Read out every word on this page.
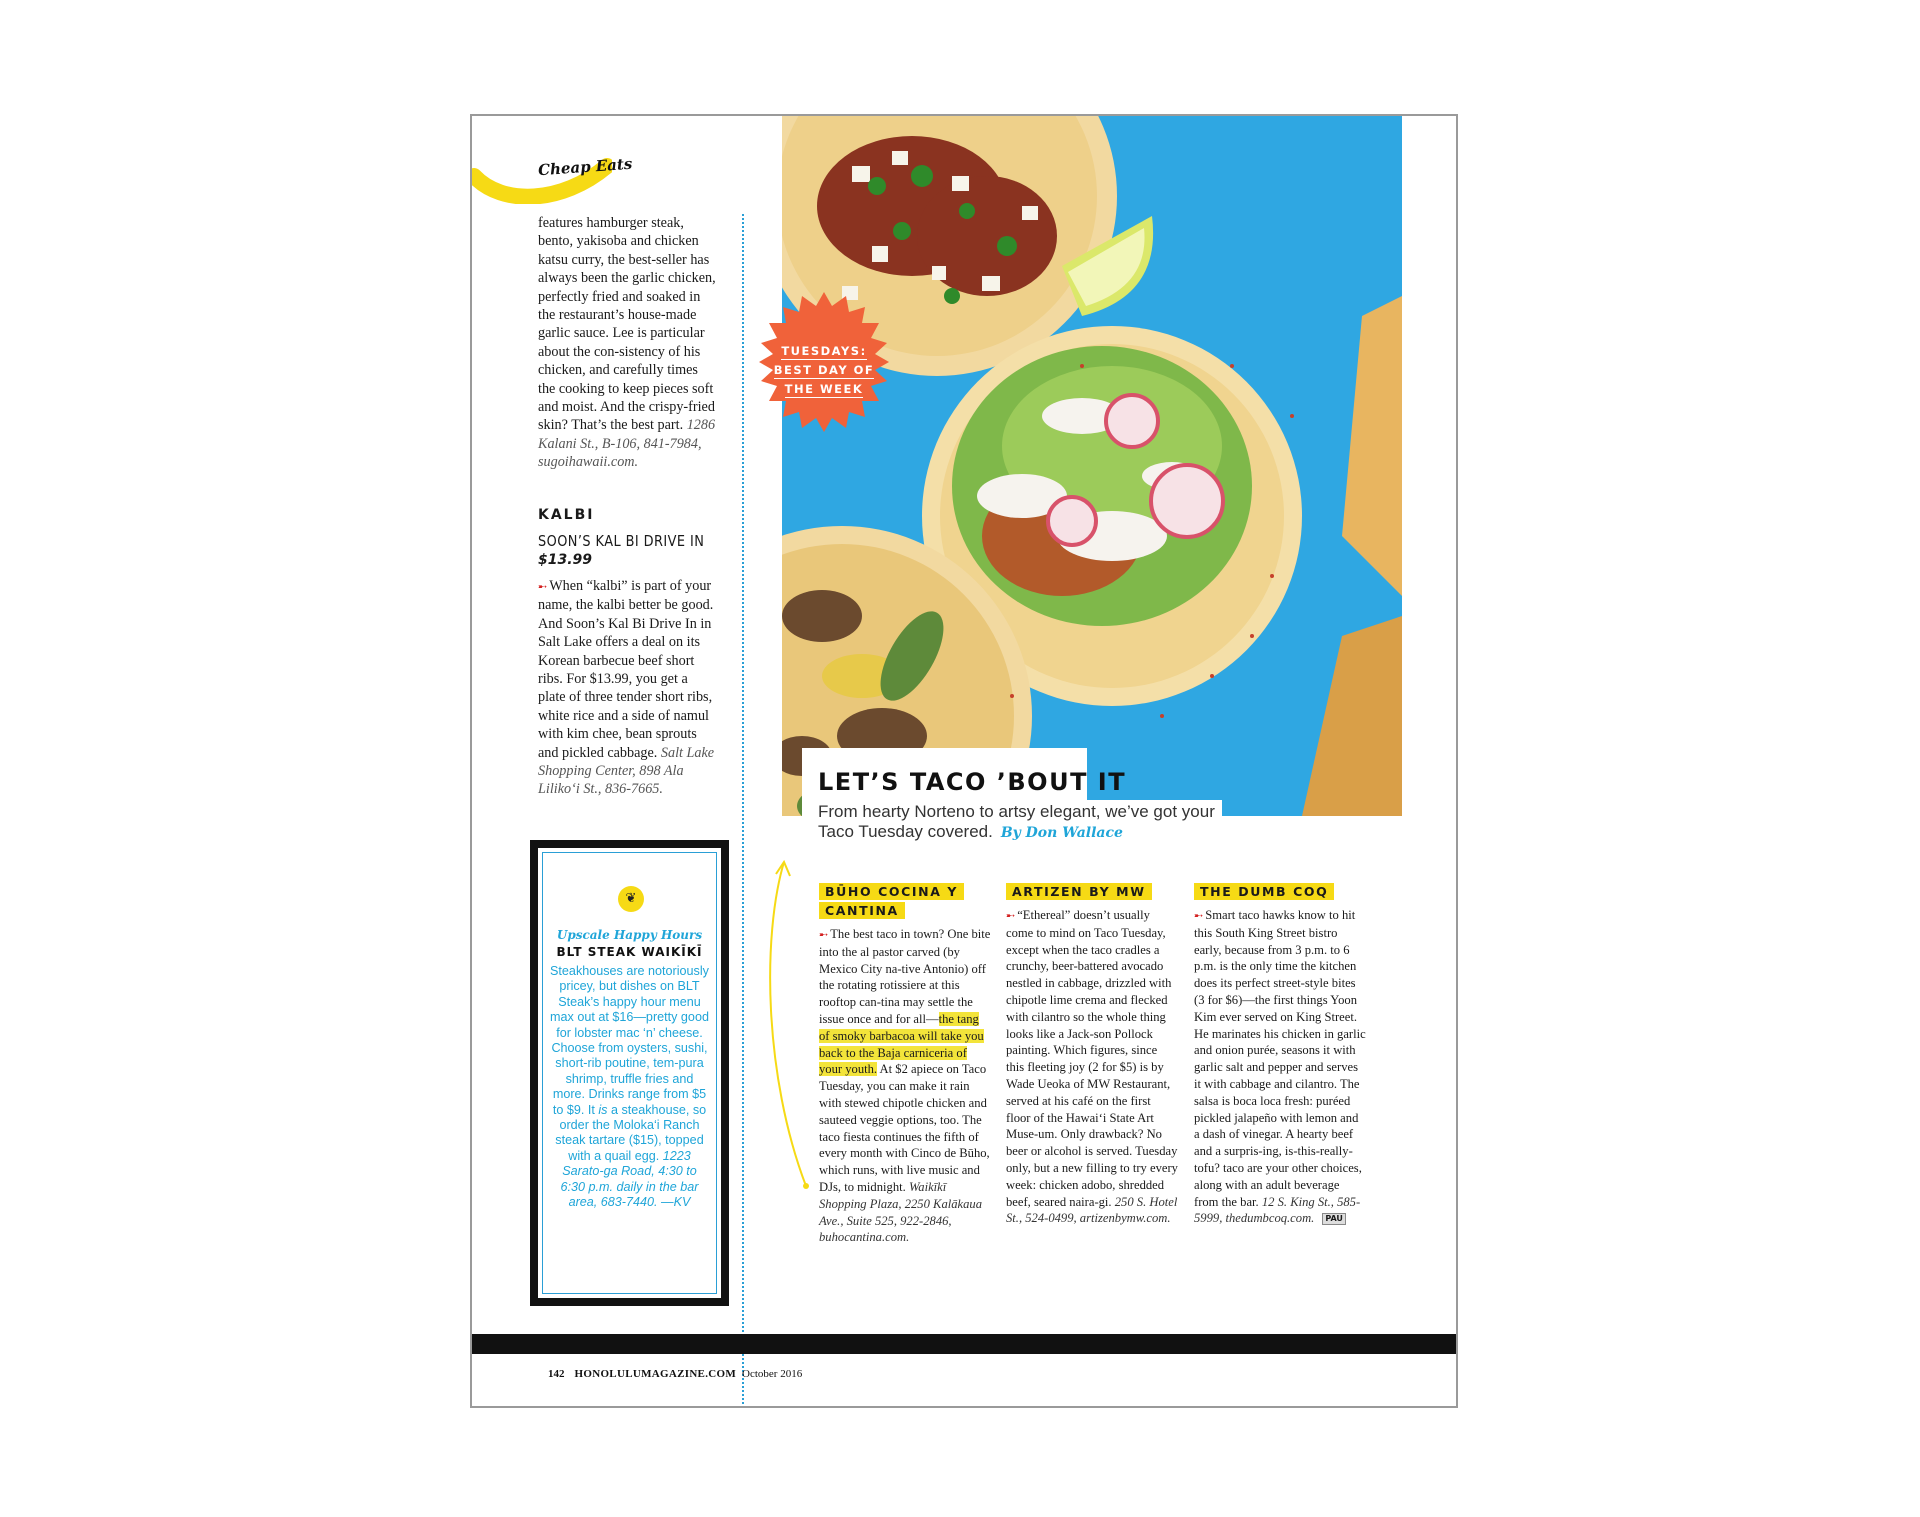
Cheap Eats
features hamburger steak, bento, yakisoba and chicken katsu curry, the best-seller has always been the garlic chicken, perfectly fried and soaked in the restaurant’s house-made garlic sauce. Lee is particular about the con-sistency of his chicken, and carefully times the cooking to keep pieces soft and moist. And the crispy-fried skin? That’s the best part. 1286 Kalani St., B-106, 841-7984, sugoihawaii.com.
KALBI
SOON’S KAL BI DRIVE IN
$13.99
➸ When “kalbi” is part of your name, the kalbi better be good. And Soon’s Kal Bi Drive In in Salt Lake offers a deal on its Korean barbecue beef short ribs. For $13.99, you get a plate of three tender short ribs, white rice and a side of namul with kim chee, bean sprouts and pickled cabbage. Salt Lake Shopping Center, 898 Ala Liliko‘i St., 836-7665.
❦
Upscale Happy Hours
BLT STEAK WAIKĪKĪ
Steakhouses are notoriously pricey, but dishes on BLT Steak’s happy hour menu max out at $16—pretty good for lobster mac ‘n’ cheese. Choose from oysters, sushi, short-rib poutine, tem-pura shrimp, truffle fries and more. Drinks range from $5 to $9. It is a steakhouse, so order the Moloka‘i Ranch steak tartare ($15), topped with a quail egg. 1223 Sarato-ga Road, 4:30 to 6:30 p.m. daily in the bar area, 683-7440. —KV
TUESDAYS:
BEST DAY OF
THE WEEK
LET’S TACO ’BOUT IT
From hearty Norteno to artsy elegant, we’ve got your Taco Tuesday covered. By Don Wallace
BŪHO COCINA Y CANTINA

➸ The best taco in town? One bite into the al pastor carved (by Mexico City na-tive Antonio) off the rotating rotissiere at this rooftop can-tina may settle the issue once and for all—the tang of smoky barbacoa will take you back to the Baja carniceria of your youth. At $2 apiece on Taco Tuesday, you can make it rain with stewed chipotle chicken and sauteed veggie options, too. The taco fiesta continues the fifth of every month with Cinco de Būho, which runs, with live music and DJs, to midnight. Waikīkī Shopping Plaza, 2250 Kalākaua Ave., Suite 525, 922-2846, buhocantina.com.

ARTIZEN BY MW

➸ “Ethereal” doesn’t usually come to mind on Taco Tuesday, except when the taco cradles a crunchy, beer-battered avocado nestled in cabbage, drizzled with chipotle lime crema and flecked with cilantro so the whole thing looks like a Jack-son Pollock painting. Which figures, since this fleeting joy (2 for $5) is by Wade Ueoka of MW Restaurant, served at his café on the first floor of the Hawai‘i State Art Muse-um. Only drawback? No beer or alcohol is served. Tuesday only, but a new filling to try every week: chicken adobo, shredded beef, seared naira-gi. 250 S. Hotel St., 524-0499, artizenbymw.com.

THE DUMB COQ

➸ Smart taco hawks know to hit this South King Street bistro early, because from 3 p.m. to 6 p.m. is the only time the kitchen does its perfect street-style bites (3 for $6)—the first things Yoon Kim ever served on King Street. He marinates his chicken in garlic and onion purée, seasons it with garlic salt and pepper and serves it with cabbage and cilantro. The salsa is boca loca fresh: puréed pickled jalapeño with lemon and a dash of vinegar. A hearty beef and a surpris-ing, is-this-really-tofu? taco are your other choices, along with an adult beverage from the bar. 12 S. King St., 585-5999, thedumbcoq.com. PAU

142 HONOLULUMAGAZINE.COM October 2016
